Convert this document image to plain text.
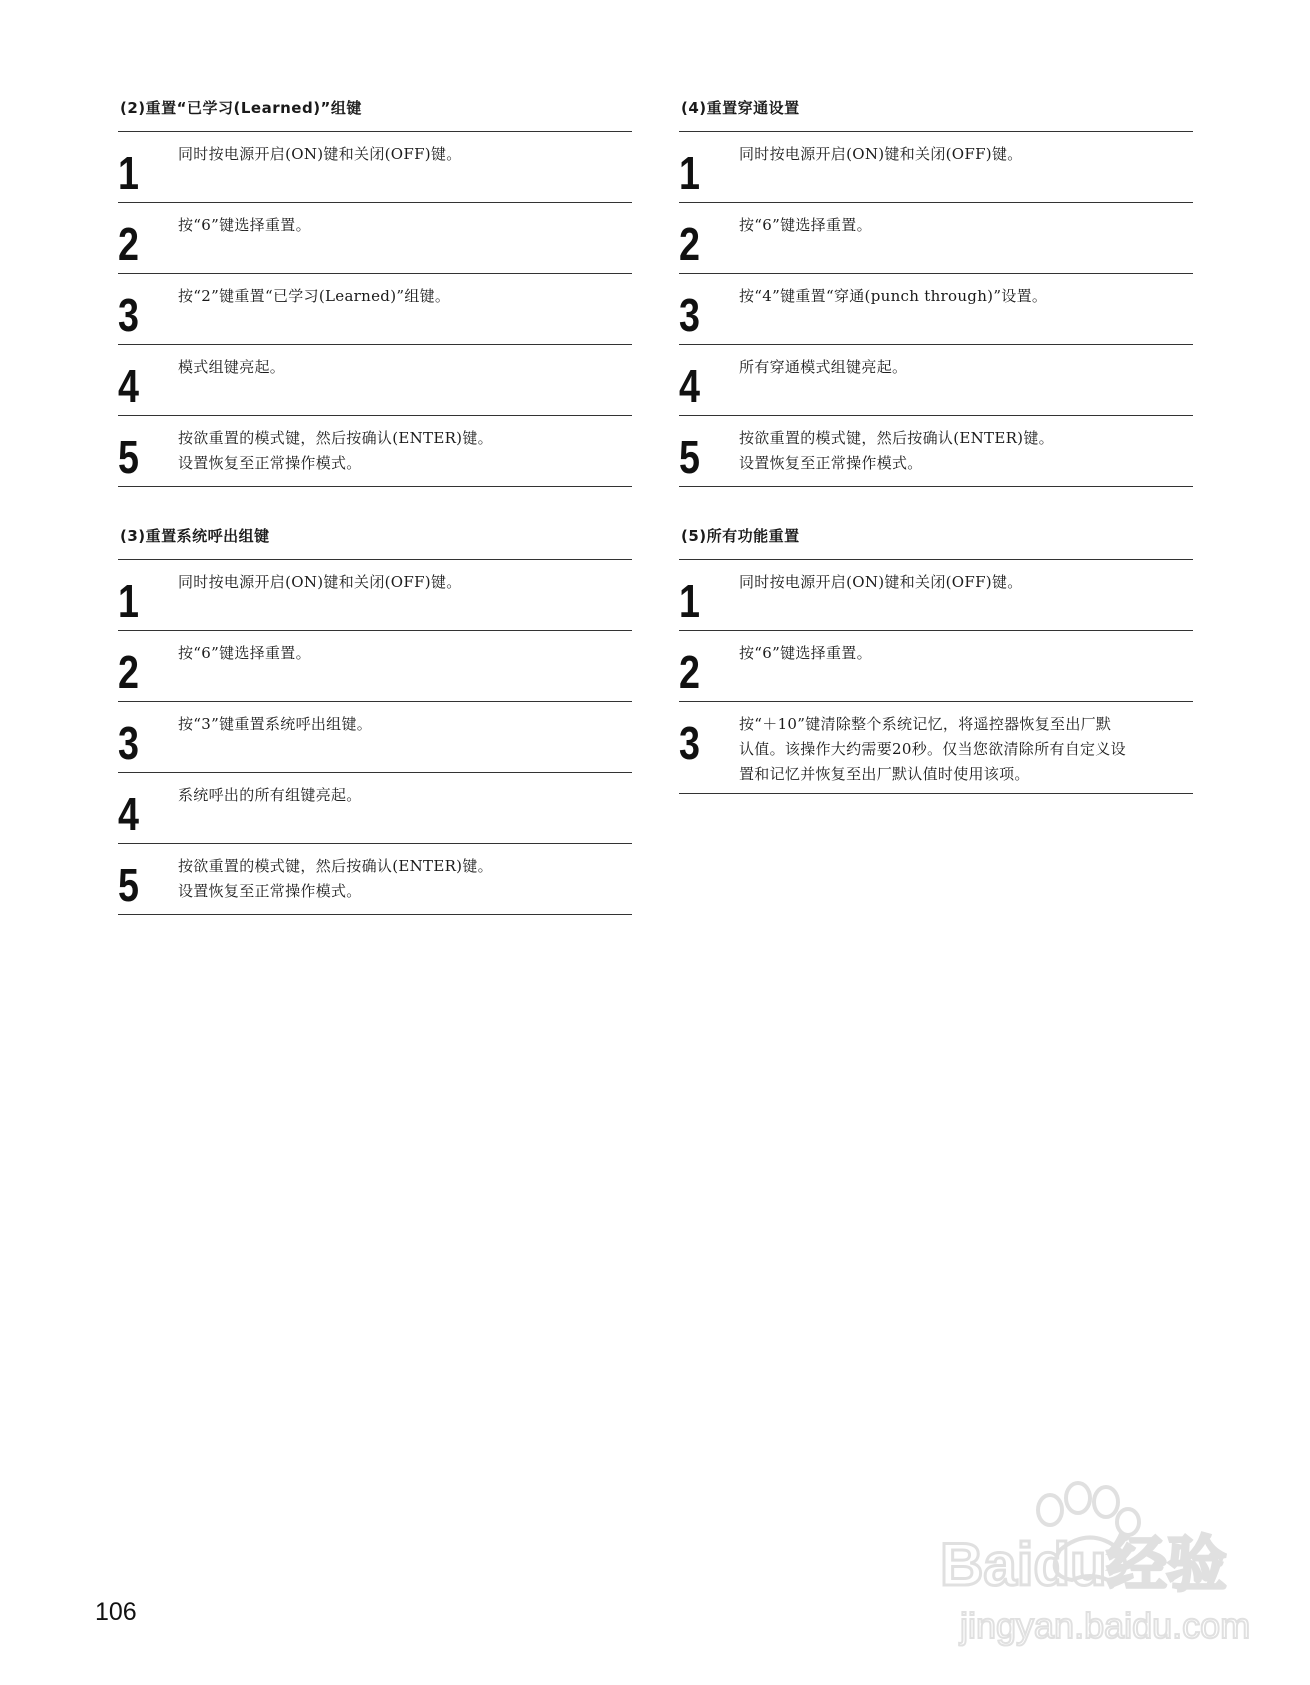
(2)重置“已学习(Learned)”组键
1	同时按电源开启(ON)键和关闭(OFF)键。
2	按“6”键选择重置。
3	按“2”键重置“已学习(Learned)”组键。
4	模式组键亮起。
5	按欲重置的模式键，然后按确认(ENTER)键。
设置恢复至正常操作模式。
(3)重置系统呼出组键
1	同时按电源开启(ON)键和关闭(OFF)键。
2	按“6”键选择重置。
3	按“3”键重置系统呼出组键。
4	系统呼出的所有组键亮起。
5	按欲重置的模式键，然后按确认(ENTER)键。
设置恢复至正常操作模式。
(4)重置穿通设置
1	同时按电源开启(ON)键和关闭(OFF)键。
2	按“6”键选择重置。
3	按“4”键重置“穿通(punch through)”设置。
4	所有穿通模式组键亮起。
5	按欲重置的模式键，然后按确认(ENTER)键。
设置恢复至正常操作模式。
(5)所有功能重置
1	同时按电源开启(ON)键和关闭(OFF)键。
2	按“6”键选择重置。
3	按“＋10”键清除整个系统记忆，将遥控器恢复至出厂默
认值。该操作大约需要20秒。仅当您欲清除所有自定义设
置和记忆并恢复至出厂默认值时使用该项。
106
Baidu经验
jingyan.baidu.com
